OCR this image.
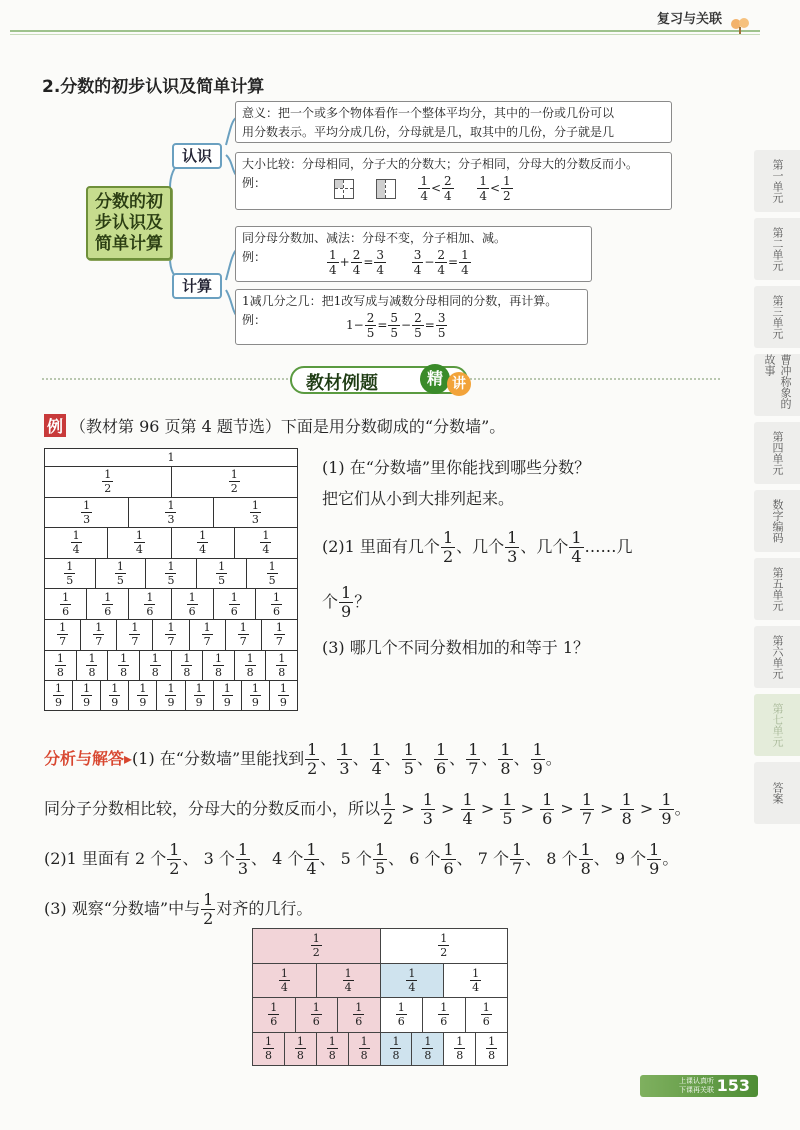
复习与关联
2.分数的初步认识及简单计算
分数的初步认识及简单计算
认识
计算
意义：把一个或多个物体看作一个整体平均分，其中的一份或几份可以
用分数表示。平均分成几份，分母就是几，取其中的几份，分子就是几
大小比较：分母相同，分子大的分数大；分子相同，分母大的分数反而小。
例：

	$\frac{1}{4} < \frac{2}{4}$
$\frac{1}{4} < \frac{1}{2}$
同分母分数加、减法：分母不变，分子相加、减。
例：	$\frac{1}{4} + \frac{2}{4} = \frac{3}{4}$
$\frac{3}{4} - \frac{2}{4} = \frac{1}{4}$
1减几分之几：把1改写成与减数分母相同的分数，再计算。
例：	$1- \frac{2}{5} = \frac{5}{5} - \frac{2}{5} = \frac{3}{5}$
教材例题	精 讲
例 （教材第 96 页第 4 题节选）下面是用分数砌成的“分数墙”。
1
$\frac{1}{2}$	$\frac{1}{2}$
$\frac{1}{3}$	$\frac{1}{3}$	$\frac{1}{3}$
$\frac{1}{4}$	$\frac{1}{4}$	$\frac{1}{4}$	$\frac{1}{4}$
$\frac{1}{5}$	$\frac{1}{5}$	$\frac{1}{5}$	$\frac{1}{5}$	$\frac{1}{5}$
$\frac{1}{6}$	$\frac{1}{6}$	$\frac{1}{6}$	$\frac{1}{6}$	$\frac{1}{6}$	$\frac{1}{6}$
$\frac{1}{7} \frac{1}{7} \frac{1}{7} \frac{1}{7} \frac{1}{7} \frac{1}{7} \frac{1}{7}$
$\frac{1}{8} \frac{1}{8} \frac{1}{8} \frac{1}{8} \frac{1}{8} \frac{1}{8} \frac{1}{8} \frac{1}{8}$
$\frac{1}{9} \frac{1}{9} \frac{1}{9} \frac{1}{9} \frac{1}{9} \frac{1}{9} \frac{1}{9} \frac{1}{9} \frac{1}{9}$
(1) 在“分数墙”里你能找到哪些分数？
把它们从小到大排列起来。
(2)1 里面有几个 $\frac{1}{2}$ 、几个 $\frac{1}{3}$ 、几个 $\frac{1}{4}$ ……几
个 $\frac{1}{9}$ ？
(3) 哪几个不同分数相加的和等于 1？
分析与解答▸(1) 在“分数墙”里能找到 $\frac{1}{2}$ 、 $\frac{1}{3}$ 、 $\frac{1}{4}$ 、 $\frac{1}{5}$ 、 $\frac{1}{6}$ 、 $\frac{1}{7}$ 、 $\frac{1}{8}$ 、 $\frac{1}{9}$ 。
同分子分数相比较，分母大的分数反而小，所以 $\frac{1}{2} > \frac{1}{3} > \frac{1}{4} > \frac{1}{5} > \frac{1}{6} > \frac{1}{7} > \frac{1}{8} > \frac{1}{9}$ 。
(2)1 里面有 2 个 $\frac{1}{2}$ 、 3 个 $\frac{1}{3}$ 、 4 个 $\frac{1}{4}$ 、 5 个 $\frac{1}{5}$ 、 6 个 $\frac{1}{6}$ 、 7 个 $\frac{1}{7}$ 、 8 个 $\frac{1}{8}$ 、 9 个 $\frac{1}{9}$ 。
(3) 观察“分数墙”中与 $\frac{1}{2}$ 对齐的几行。
$\frac{1}{2}$	$\frac{1}{2}$
$\frac{1}{4}$	$\frac{1}{4}$	$\frac{1}{4}$	$\frac{1}{4}$
$\frac{1}{6}$	$\frac{1}{6}$	$\frac{1}{6}$	$\frac{1}{6}$	$\frac{1}{6}$	$\frac{1}{6}$
$\frac{1}{8} \frac{1}{8} \frac{1}{8} \frac{1}{8} \frac{1}{8} \frac{1}{8} \frac{1}{8} \frac{1}{8}$
第一单元
第二单元
第三单元
曹冲称象的故事
第四单元
数字编码
第五单元
第六单元
第七单元
答案
上课认真听
下课再关联 153
